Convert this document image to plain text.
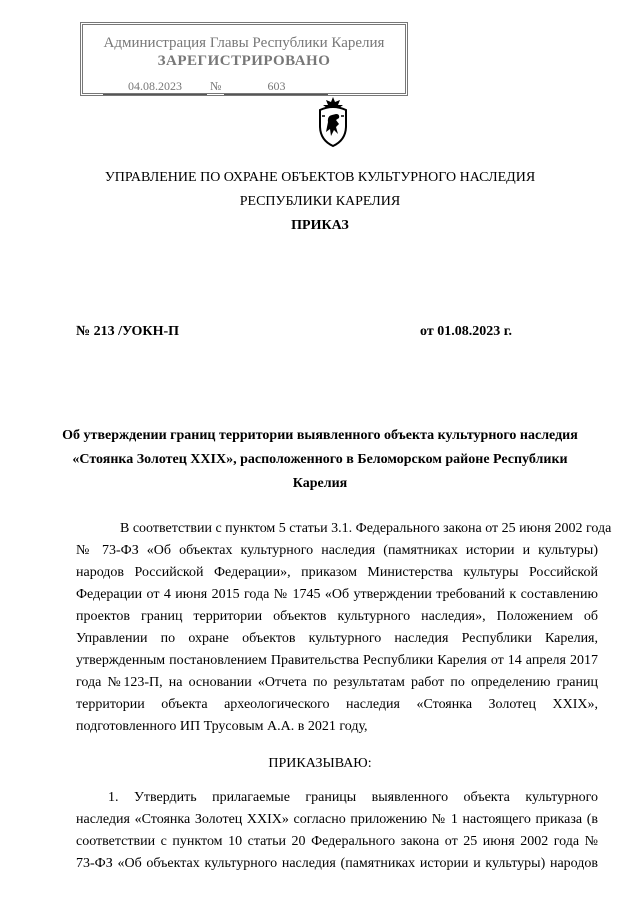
Администрация Главы Республики Карелия
ЗАРЕГИСТРИРОВАНО
04.08.2023 №	603
УПРАВЛЕНИЕ ПО ОХРАНЕ ОБЪЕКТОВ КУЛЬТУРНОГО НАСЛЕДИЯ
РЕСПУБЛИКИ КАРЕЛИЯ
ПРИКАЗ
№ 213 /УОКН-П	от 01.08.2023 г.
Об утверждении границ территории выявленного объекта культурного наследия
«Стоянка Золотец XXIX», расположенного в Беломорском районе Республики
Карелия
В соответствии с пунктом 5 статьи 3.1. Федерального закона от 25 июня 2002 года
№ 73-ФЗ «Об объектах культурного наследия (памятниках истории и культуры)
народов Российской Федерации», приказом Министерства культуры Российской
Федерации от 4 июня 2015 года № 1745 «Об утверждении требований к составлению
проектов границ территории объектов культурного наследия», Положением об
Управлении по охране объектов культурного наследия Республики Карелия,
утвержденным постановлением Правительства Республики Карелия от 14 апреля 2017
года №123-П, на основании «Отчета по результатам работ по определению границ
территории объекта археологического наследия «Стоянка Золотец XXIX»,
подготовленного ИП Трусовым А.А. в 2021 году,
ПРИКАЗЫВАЮ:
1. Утвердить прилагаемые границы выявленного объекта культурного
наследия «Стоянка Золотец XXIX» согласно приложению № 1 настоящего приказа (в
соответствии с пунктом 10 статьи 20 Федерального закона от 25 июня 2002 года №
73-ФЗ «Об объектах культурного наследия (памятниках истории и культуры) народов
